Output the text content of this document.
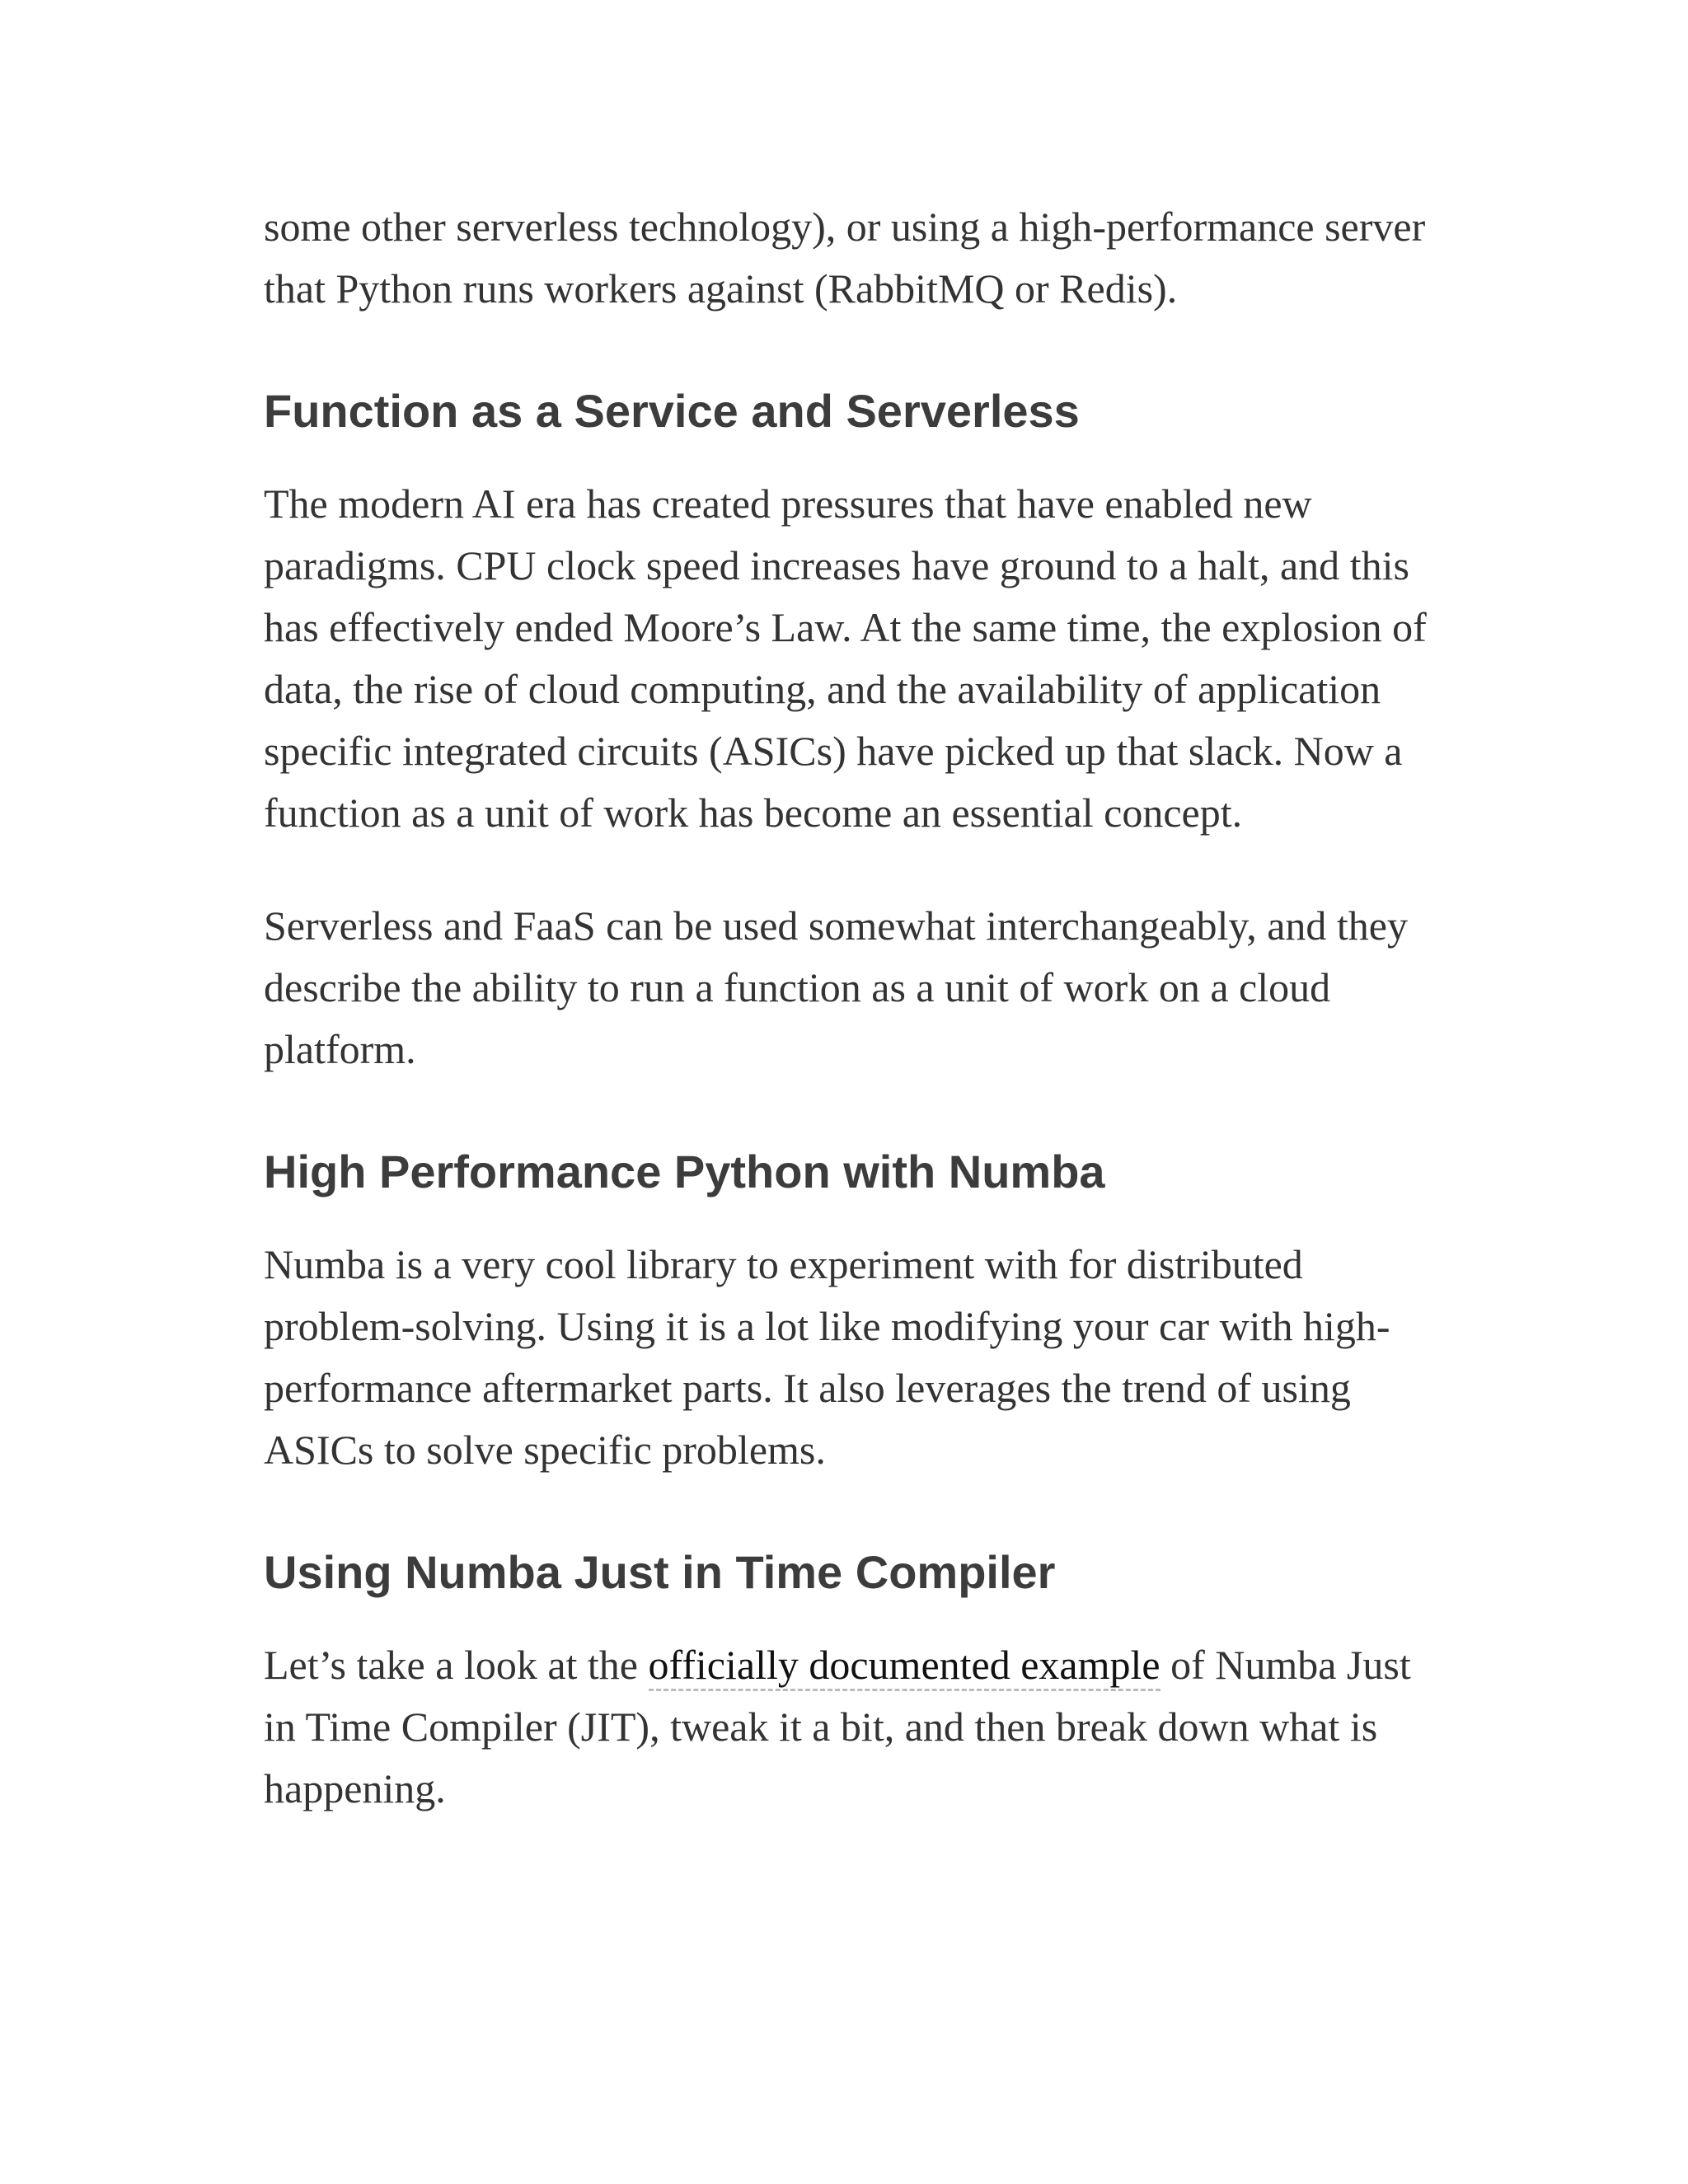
some other serverless technology), or using a high-performance server that Python runs workers against (RabbitMQ or Redis).

Function as a Service and Serverless

The modern AI era has created pressures that have enabled new paradigms. CPU clock speed increases have ground to a halt, and this has effectively ended Moore’s Law. At the same time, the explosion of data, the rise of cloud computing, and the availability of application specific integrated circuits (ASICs) have picked up that slack. Now a function as a unit of work has become an essential concept.

Serverless and FaaS can be used somewhat interchangeably, and they describe the ability to run a function as a unit of work on a cloud platform.

High Performance Python with Numba

Numba is a very cool library to experiment with for distributed problem-solving. Using it is a lot like modifying your car with high-performance aftermarket parts. It also leverages the trend of using ASICs to solve specific problems.

Using Numba Just in Time Compiler

Let’s take a look at the officially documented example of Numba Just in Time Compiler (JIT), tweak it a bit, and then break down what is happening.
